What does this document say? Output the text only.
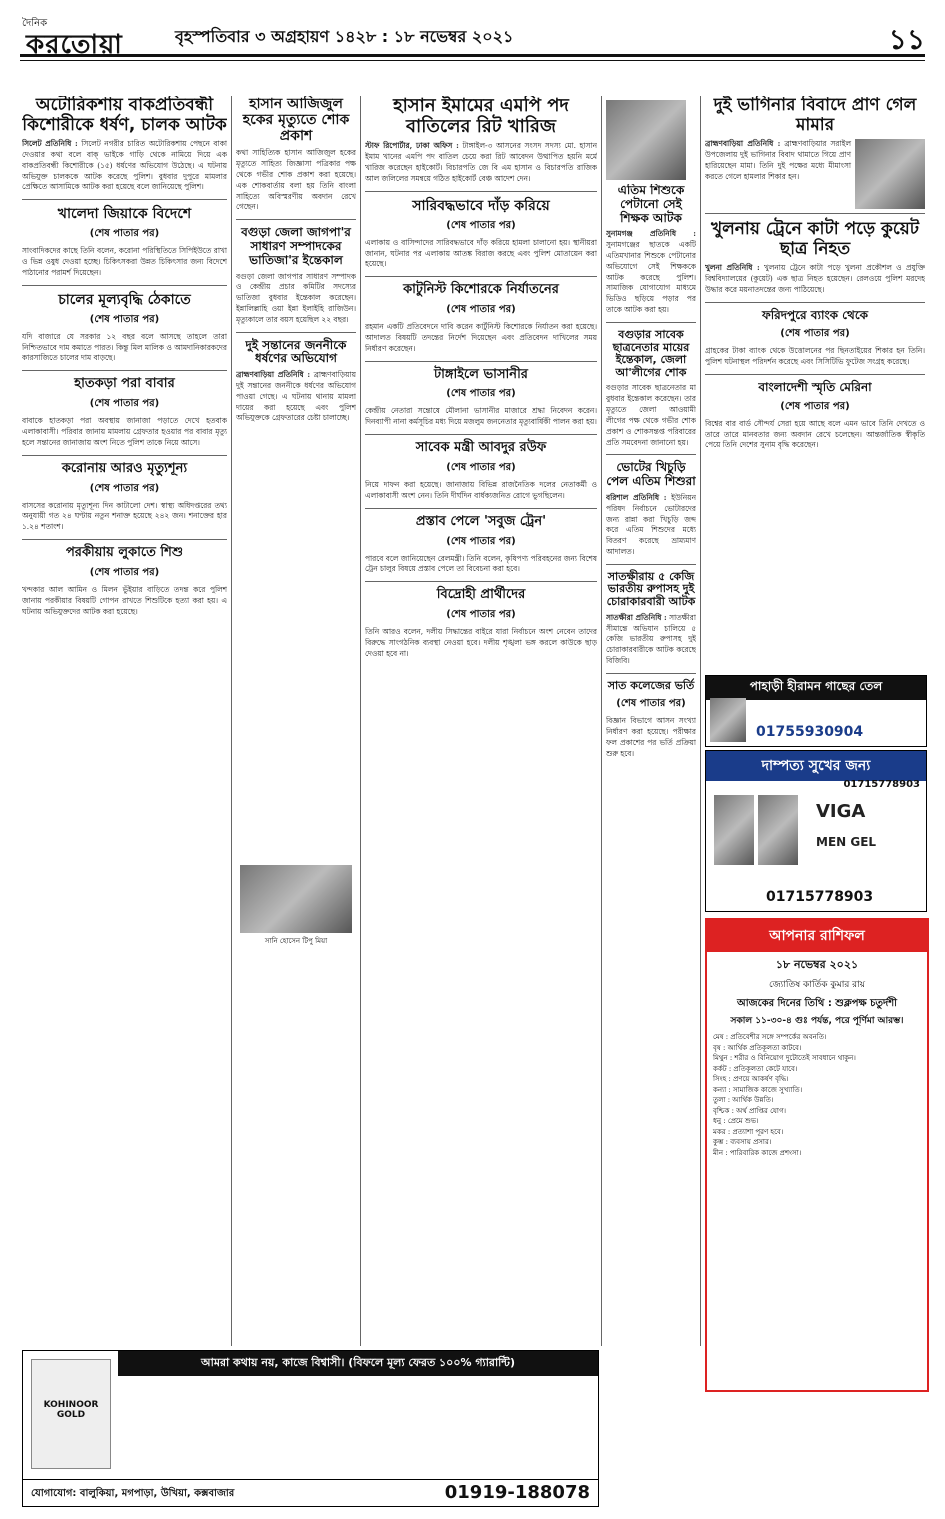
দৈনিক
করতোয়া	বৃহস্পতিবার ৩ অগ্রহায়ণ ১৪২৮ : ১৮ নভেম্বর ২০২১	১১
অটোরিকশায় বাকপ্রতিবন্ধী কিশোরীকে ধর্ষণ, চালক আটক

সিলেট প্রতিনিধি : সিলেট নগরীর চারিত অটোরিকশায় পেছনে বাকা দেওয়ার কথা বলে বাক্‌ ভাইকে গাড়ি থেকে নামিয়ে দিয়ে এক বাকপ্রতিবন্ধী কিশোরীকে (১৫) ধর্ষণের অভিযোগ উঠেছে। এ ঘটনায় অভিযুক্ত চালককে আটক করেছে পুলিশ। বুধবার দুপুরে মামলার প্রেক্ষিতে আসামিকে আটক করা হয়েছে বলে জানিয়েছে পুলিশ।

খালেদা জিয়াকে বিদেশে

(শেষ পাতার পর)

সাংবাদিকদের কাছে তিনি বলেন, করোনা পরিস্থিতিতে সিপিইউতে রাখা ও ভিন্ন ওষুধ দেওয়া হচ্ছে। চিকিৎসকরা উন্নত চিকিৎসার জন্য বিদেশে পাঠানোর পরামর্শ দিয়েছেন।

চালের মূল্যবৃদ্ধি ঠেকাতে

(শেষ পাতার পর)

যদি বাজারে যে সরকার ১২ বছর বলে আসছে তাহলে তারা নিশ্চিতভাবে দাম কমাতে পারত। কিন্তু মিল মালিক ও আমদানিকারকদের কারসাজিতে চালের দাম বাড়ছে।

হাতকড়া পরা বাবার

(শেষ পাতার পর)

বাবাকে হাতকড়া পরা অবস্থায় জানাজা পড়াতে দেখে হতবাক এলাকাবাসী। পরিবার জানায় মামলায় গ্রেফতার হওয়ার পর বাবার মৃত্যু হলে সন্তানের জানাজায় অংশ নিতে পুলিশ তাকে নিয়ে আসে।

করোনায় আরও মৃত্যুশূন্য

(শেষ পাতার পর)

বাসসের করোনায় মৃত্যুশূন্য দিন কাটালো দেশ। স্বাস্থ্য অধিদপ্তরের তথ্য অনুযায়ী গত ২৪ ঘণ্টায় নতুন শনাক্ত হয়েছে ২৪২ জন। শনাক্তের হার ১.২৪ শতাংশ।

পরকীয়ায় লুকাতে শিশু

(শেষ পাতার পর)

খন্দকার আল আমিন ও মিলন ভুঁইয়ার বাড়িতে তদন্ত করে পুলিশ জানায় পরকীয়ার বিষয়টি গোপন রাখতে শিশুটিকে হত্যা করা হয়। এ ঘটনায় অভিযুক্তদের আটক করা হয়েছে।

হাসান আজিজুল হকের মৃত্যুতে শোক প্রকাশ

কথা সাহিত্যিক হাসান আজিজুল হকের মৃত্যুতে সাহিত্য জিজ্ঞাসা পত্রিকার পক্ষ থেকে গভীর শোক প্রকাশ করা হয়েছে। এক শোকবার্তায় বলা হয় তিনি বাংলা সাহিত্যে অবিস্মরণীয় অবদান রেখে গেছেন।

বগুড়া জেলা জাগপা'র সাধারণ সম্পাদকের ভাতিজা'র ইন্তেকাল

বগুড়া জেলা জাগপার সাধারণ সম্পাদক ও কেন্দ্রীয় প্রচার কমিটির সদস্যের ভাতিজা বুধবার ইন্তেকাল করেছেন। ইন্নালিল্লাহি ওয়া ইন্না ইলাইহি রাজিউন। মৃত্যুকালে তার বয়স হয়েছিল ২২ বছর।

দুই সন্তানের জননীকে ধর্ষণের অভিযোগ

ব্রাহ্মণবাড়িয়া প্রতিনিধি : ব্রাহ্মণবাড়িয়ায় দুই সন্তানের জননীকে ধর্ষণের অভিযোগ পাওয়া গেছে। এ ঘটনায় থানায় মামলা দায়ের করা হয়েছে এবং পুলিশ অভিযুক্তকে গ্রেফতারের চেষ্টা চালাচ্ছে।

সানি হোসেন টিপু মিয়া
হাসান ইমামের এমপি পদ বাতিলের রিট খারিজ

স্টাফ রিপোর্টার, ঢাকা অফিস : টাঙ্গাইল-৩ আসনের সংসদ সদস্য মো. হাসান ইমাম খানের এমপি পদ বাতিল চেয়ে করা রিট আবেদন উত্থাপিত হয়নি মর্মে খারিজ করেছেন হাইকোর্ট। বিচারপতি জে বি এম হাসান ও বিচারপতি রাজিক আল জলিলের সমন্বয়ে গঠিত হাইকোর্ট বেঞ্চ আদেশ দেন।

সারিবদ্ধভাবে দাঁড় করিয়ে

(শেষ পাতার পর)

এলাকায় ও বাসিন্দাদের সারিবদ্ধভাবে দাঁড় করিয়ে হামলা চালানো হয়। স্থানীয়রা জানান, ঘটনার পর এলাকায় আতঙ্ক বিরাজ করছে এবং পুলিশ মোতায়েন করা হয়েছে।

কাটুনিস্ট কিশোরকে নির্যাতনের

(শেষ পাতার পর)

রহমান একটি প্রতিবেদনে দাবি করেন কার্টুনিস্ট কিশোরকে নির্যাতন করা হয়েছে। আদালত বিষয়টি তদন্তের নির্দেশ দিয়েছেন এবং প্রতিবেদন দাখিলের সময় নির্ধারণ করেছেন।

টাঙ্গাইলে ভাসানীর

(শেষ পাতার পর)

কেন্দ্রীয় নেতারা সন্তোষে মৌলানা ভাসানীর মাজারে শ্রদ্ধা নিবেদন করেন। দিনব্যাপী নানা কর্মসূচির মধ্য দিয়ে মজলুম জননেতার মৃত্যুবার্ষিকী পালন করা হয়।

সাবেক মন্ত্রী আবদুর রউফ

(শেষ পাতার পর)

নিয়ে দাফন করা হয়েছে। জানাজায় বিভিন্ন রাজনৈতিক দলের নেতাকর্মী ও এলাকাবাসী অংশ নেন। তিনি দীর্ঘদিন বার্ধক্যজনিত রোগে ভুগছিলেন।

প্রস্তাব পেলে 'সবুজ ট্রেন'

(শেষ পাতার পর)

পারবে বলে জানিয়েছেন রেলমন্ত্রী। তিনি বলেন, কৃষিপণ্য পরিবহনের জন্য বিশেষ ট্রেন চালুর বিষয়ে প্রস্তাব পেলে তা বিবেচনা করা হবে।

বিদ্রোহী প্রার্থীদের

(শেষ পাতার পর)

তিনি আরও বলেন, দলীয় সিদ্ধান্তের বাইরে যারা নির্বাচনে অংশ নেবেন তাদের বিরুদ্ধে সাংগঠনিক ব্যবস্থা নেওয়া হবে। দলীয় শৃঙ্খলা ভঙ্গ করলে কাউকে ছাড় দেওয়া হবে না।

এতিম শিশুকে পেটানো সেই শিক্ষক আটক

সুনামগঞ্জ প্রতিনিধি : সুনামগঞ্জের ছাতকে একটি এতিমখানার শিশুকে পেটানোর অভিযোগে সেই শিক্ষককে আটক করেছে পুলিশ। সামাজিক যোগাযোগ মাধ্যমে ভিডিও ছড়িয়ে পড়ার পর তাকে আটক করা হয়।

বগুড়ার সাবেক ছাত্রনেতার মায়ের ইন্তেকাল, জেলা আ'লীগের শোক

বগুড়ার সাবেক ছাত্রনেতার মা বুধবার ইন্তেকাল করেছেন। তার মৃত্যুতে জেলা আওয়ামী লীগের পক্ষ থেকে গভীর শোক প্রকাশ ও শোকসন্তপ্ত পরিবারের প্রতি সমবেদনা জানানো হয়।

ভোটের খিচুড়ি পেল এতিম শিশুরা

বরিশাল প্রতিনিধি : ইউনিয়ন পরিষদ নির্বাচনে ভোটারদের জন্য রান্না করা খিচুড়ি জব্দ করে এতিম শিশুদের মধ্যে বিতরণ করেছে ভ্রাম্যমাণ আদালত।

সাতক্ষীরায় ৫ কেজি ভারতীয় রুপাসহ দুই চোরাকারবারী আটক

সাতক্ষীরা প্রতিনিধি : সাতক্ষীরা সীমান্তে অভিযান চালিয়ে ৫ কেজি ভারতীয় রুপাসহ দুই চোরাকারবারীকে আটক করেছে বিজিবি।

সাত কলেজের ভর্তি

(শেষ পাতার পর)

বিজ্ঞান বিভাগে আসন সংখ্যা নির্ধারণ করা হয়েছে। পরীক্ষার ফল প্রকাশের পর ভর্তি প্রক্রিয়া শুরু হবে।

দুই ভাগিনার বিবাদে প্রাণ গেল মামার

ব্রাহ্মণবাড়িয়া প্রতিনিধি : ব্রাহ্মণবাড়িয়ার সরাইল উপজেলায় দুই ভাগিনার বিবাদ থামাতে গিয়ে প্রাণ হারিয়েছেন মামা। তিনি দুই পক্ষের মধ্যে মীমাংসা করতে গেলে হামলার শিকার হন।

খুলনায় ট্রেনে কাটা পড়ে কুয়েট ছাত্র নিহত

খুলনা প্রতিনিধি : খুলনায় ট্রেনে কাটা পড়ে খুলনা প্রকৌশল ও প্রযুক্তি বিশ্ববিদ্যালয়ের (কুয়েট) এক ছাত্র নিহত হয়েছেন। রেলওয়ে পুলিশ মরদেহ উদ্ধার করে ময়নাতদন্তের জন্য পাঠিয়েছে।

ফরিদপুরে ব্যাংক থেকে

(শেষ পাতার পর)

গ্রাহকের টাকা ব্যাংক থেকে উত্তোলনের পর ছিনতাইয়ের শিকার হন তিনি। পুলিশ ঘটনাস্থল পরিদর্শন করেছে এবং সিসিটিভি ফুটেজ সংগ্রহ করেছে।

বাংলাদেশী স্মৃতি মেরিনা

(শেষ পাতার পর)

বিশ্বের বার বার্ড সৌন্দর্য সেরা হয়ে আছে বলে এমন ভাবে তিনি দেখতে ও তারে তারে মানবতার জন্য অবদান রেখে চলেছেন। আন্তর্জাতিক স্বীকৃতি পেয়ে তিনি দেশের সুনাম বৃদ্ধি করেছেন।

পাহাড়ী হীরামন গাছের তেল
01755930904
দাম্পত্য সুখের জন্য
01715778903
VIGA
MEN GEL
01715778903
আপনার রাশিফল
১৮ নভেম্বর ২০২১
জ্যোতিষ কার্তিক কুমার রায়
আজকের দিনের তিথি : শুক্লপক্ষ চতুর্দশী
সকাল ১১-৩০-৪ গুঃ পর্যন্ত, পরে পূর্ণিমা আরম্ভ।
মেষ : প্রতিবেশীর সঙ্গে সম্পর্কের অবনতি।
বৃষ : আর্থিক প্রতিকূলতা কাটবে।
মিথুন : শরীর ও বিনিয়োগ দুটোতেই সাবধানে থাকুন।
কর্কট : প্রতিকূলতা কেটে যাবে।
সিংহ : প্রণয়ে আকর্ষণ বৃদ্ধি।
কন্যা : সামাজিক কাজে সুখ্যাতি।
তুলা : আর্থিক উন্নতি।
বৃশ্চিক : অর্থ প্রাপ্তির যোগ।
ধনু : প্রেমে শুভ।
মকর : প্রত্যাশা পূরণ হবে।
কুম্ভ : ব্যবসায় প্রসার।
মীন : পারিবারিক কাজে প্রশংসা।
আমরা কথায় নয়, কাজে বিশ্বাসী। (বিফলে মূল্য ফেরত ১০০% গ্যারান্টি)
KOHINOOR GOLD
যোগাযোগ: বালুকিয়া, মগপাড়া, উখিয়া, কক্সবাজার	01919-188078
